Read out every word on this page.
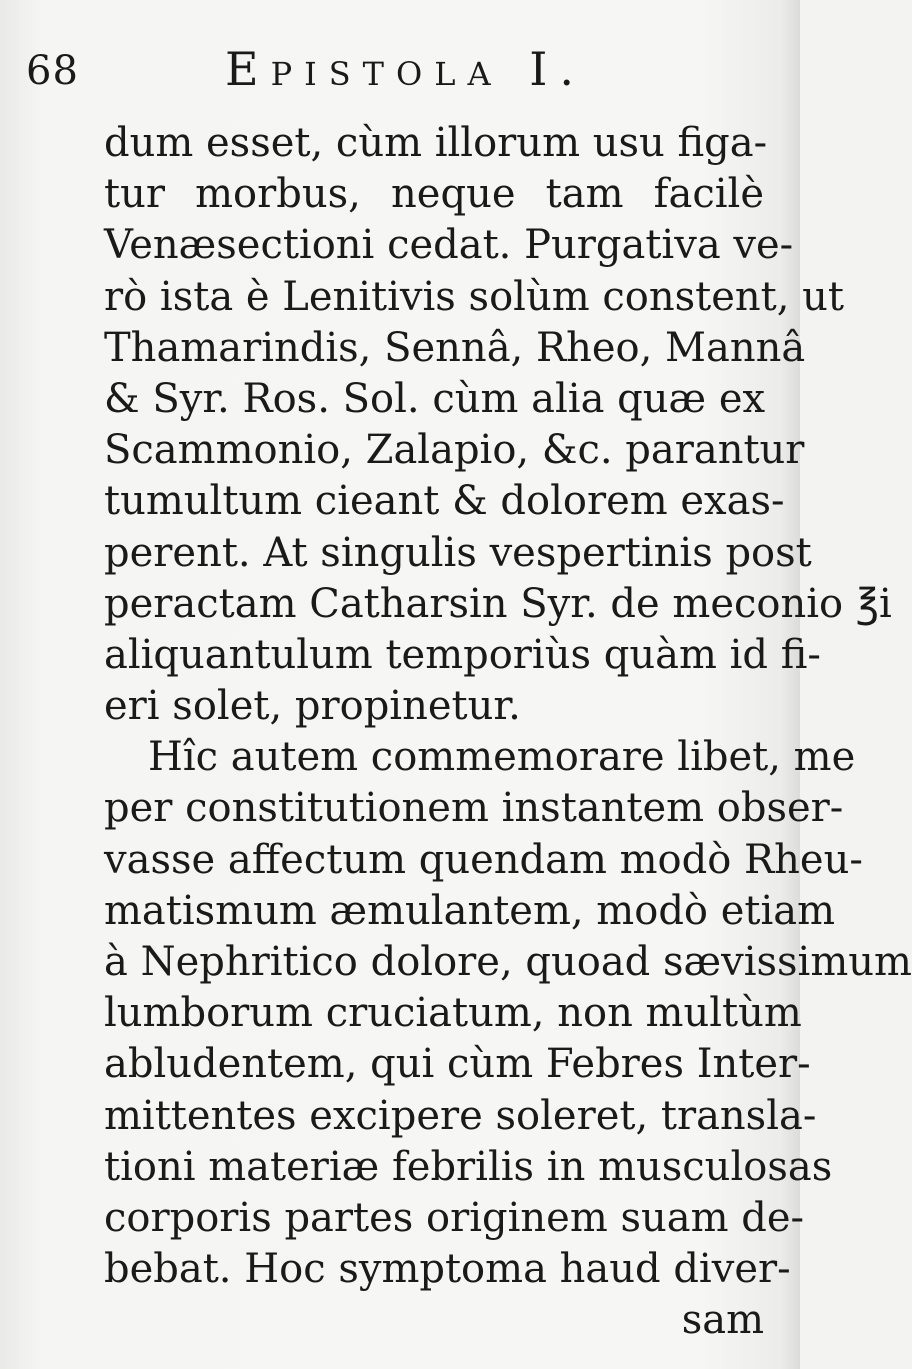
68	Epistola I.
dum esset, cùm illorum usu figa-
tur morbus, neque tam facilè
Venæsectioni cedat. Purgativa ve-
rò ista è Lenitivis solùm constent, ut
Thamarindis, Sennâ, Rheo, Mannâ
& Syr. Ros. Sol. cùm alia quæ ex
Scammonio, Zalapio, &c. parantur
tumultum cieant & dolorem exas-
perent. At singulis vespertinis post
peractam Catharsin Syr. de meconio ℥i
aliquantulum temporiùs quàm id fi-
eri solet, propinetur.
Hîc autem commemorare libet, me
per constitutionem instantem obser-
vasse affectum quendam modò Rheu-
matismum æmulantem, modò etiam
à Nephritico dolore, quoad sævissimum
lumborum cruciatum, non multùm
abludentem, qui cùm Febres Inter-
mittentes excipere soleret, transla-
tioni materiæ febrilis in musculosas
corporis partes originem suam de-
bebat. Hoc symptoma haud diver-
sam
